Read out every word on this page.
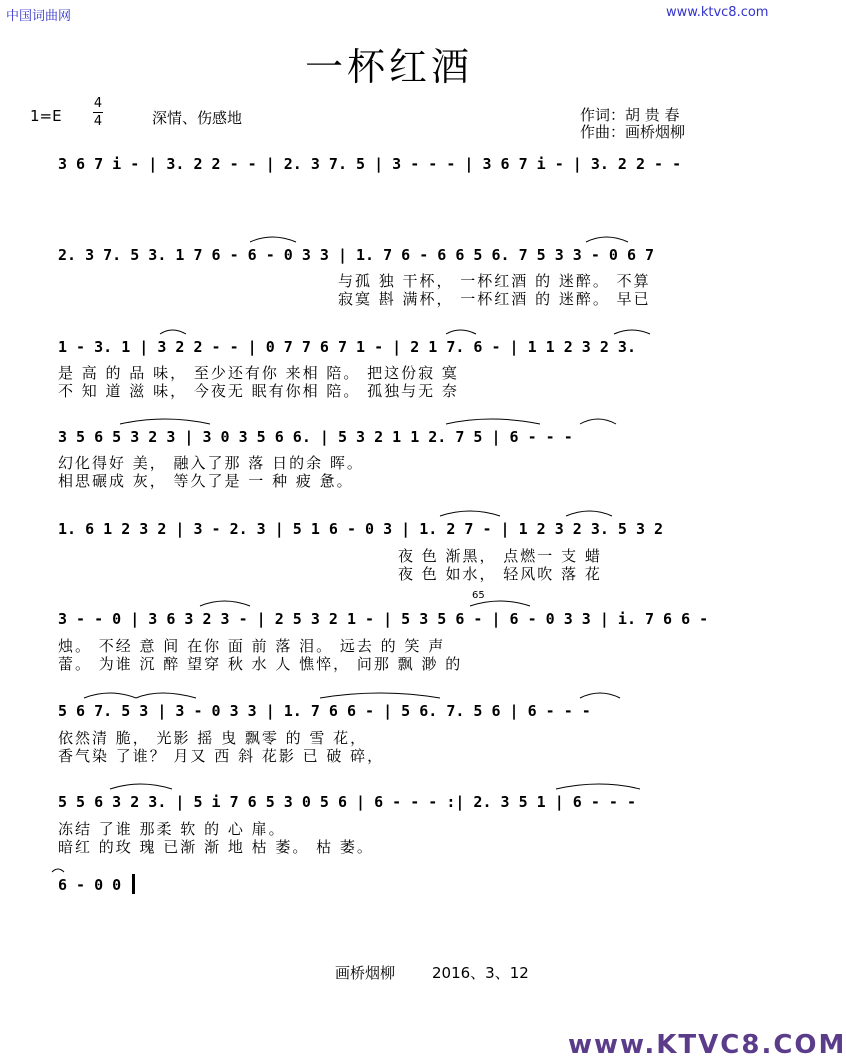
中国词曲网	www.ktvc8.com
一杯红酒
1=E
4
4	深情、伤感地	作词：胡 贵 春
作曲：画桥烟柳
3 6 7 i - | 3. 2 2 - - | 2. 3 7. 5 | 3 - - - | 3 6 7 i - | 3. 2 2 - -
2. 3 7. 5 3. 1 7 6 - 6 - 0 3 3 | 1. 7 6 - 6 6 5 6. 7 5 3 3 - 0 6 7
与孤 独 干杯， 一杯红酒 的 迷醉。 不算
寂寞 斟 满杯， 一杯红酒 的 迷醉。 早已
1 - 3. 1 | 3 2 2 - - | 0 7 7 6 7 1 - | 2 1 7. 6 - | 1 1 2 3 2 3.
是 高 的 品 味， 至少还有你 来相 陪。 把这份寂 寞
不 知 道 滋 味， 今夜无 眠有你相 陪。 孤独与无 奈
3 5 6 5 3 2 3 | 3 0 3 5 6 6. | 5 3 2 1 1 2. 7 5 | 6 - - -
幻化得好 美， 融入了那 落 日的余 晖。
相思碾成 灰， 等久了是 一 种 疲 惫。
1. 6 1 2 3 2 | 3 - 2. 3 | 5 1 6 - 0 3 | 1. 2 7 - | 1 2 3 2 3. 5 3 2
夜 色 渐黑， 点燃一 支 蜡
夜 色 如水， 轻风吹 落 花
65
3 - - 0 | 3 6 3 2 3 - | 2 5 3 2 1 - | 5 3 5 6 - | 6 - 0 3 3 | i. 7 6 6 -
烛。 不经 意 间 在你 面 前 落 泪。 远去 的 笑 声
蕾。 为谁 沉 醉 望穿 秋 水 人 憔悴， 问那 飘 渺 的
5 6 7. 5 3 | 3 - 0 3 3 | 1. 7 6 6 - | 5 6. 7. 5 6 | 6 - - -
依然清 脆， 光影 摇 曳 飘零 的 雪 花，
香气染 了谁？ 月又 西 斜 花影 已 破 碎，
5 5 6 3 2 3. | 5 i 7 6 5 3 0 5 6 | 6 - - - :| 2. 3 5 1 | 6 - - -
冻结 了谁 那柔 软 的 心 扉。
暗红 的玫 瑰 已渐 渐 地 枯 萎。 枯 萎。
6 - 0 0
画桥烟柳 2016、3、12
www.KTVC8.COM
